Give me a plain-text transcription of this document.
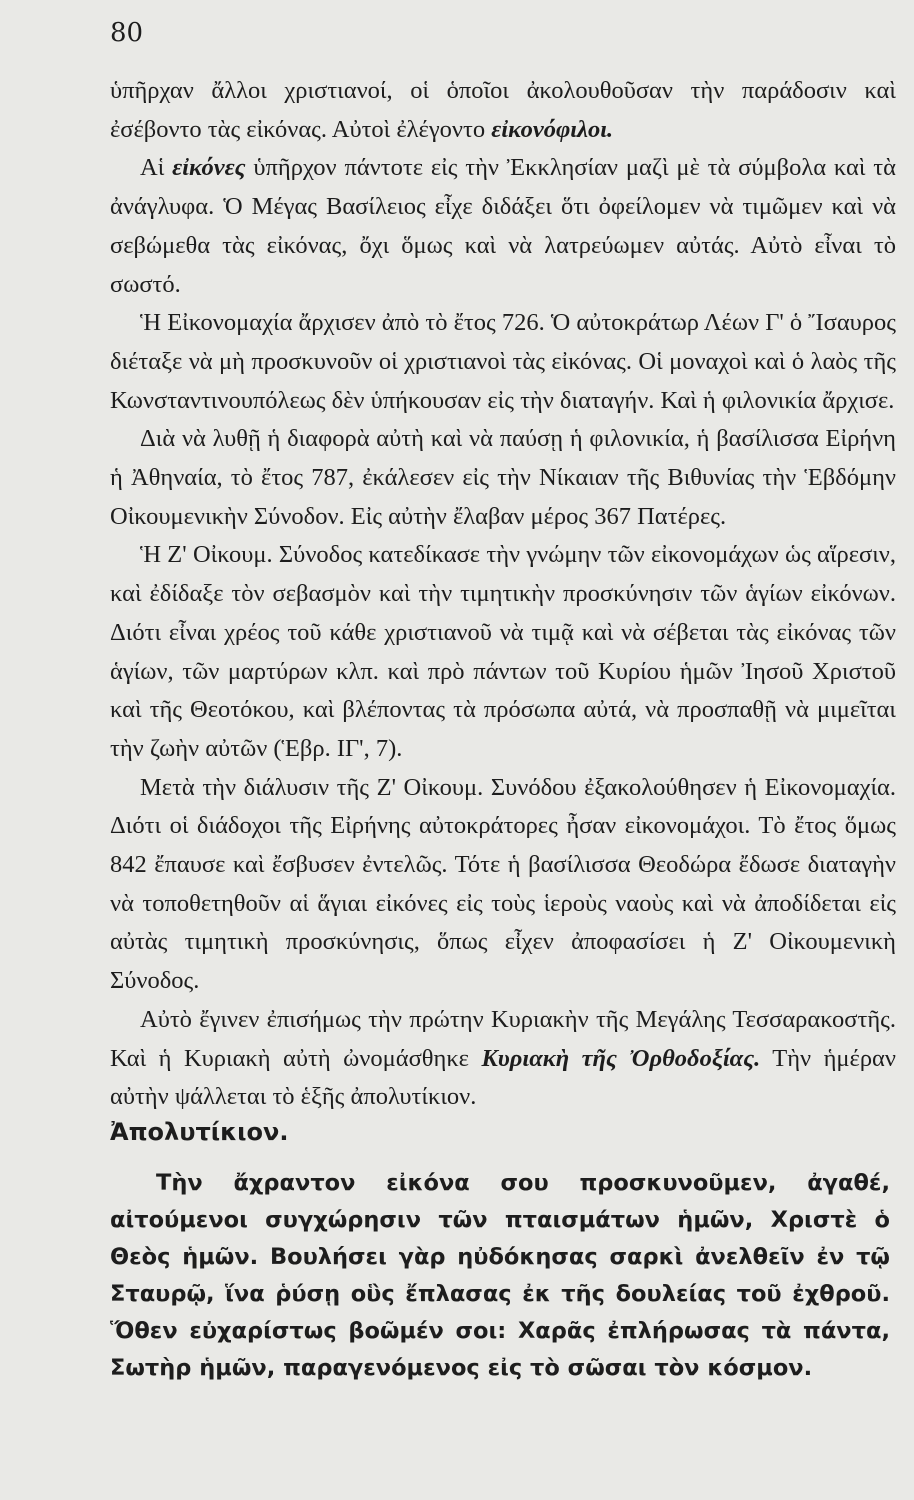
80

ὑπῆρχαν ἄλλοι χριστιανοί, οἱ ὁποῖοι ἀκολουθοῦσαν τὴν παράδοσιν καὶ ἐσέβοντο τὰς εἰκόνας. Αὐτοὶ ἐλέγοντο εἰκονόφιλοι.

Αἱ εἰκόνες ὑπῆρχον πάντοτε εἰς τὴν Ἐκκλησίαν μαζὶ μὲ τὰ σύμβολα καὶ τὰ ἀνάγλυφα. Ὁ Μέγας Βασίλειος εἶχε διδάξει ὅτι ὀφείλομεν νὰ τιμῶμεν καὶ νὰ σεβώμεθα τὰς εἰκόνας, ὄχι ὅμως καὶ νὰ λατρεύωμεν αὐτάς. Αὐτὸ εἶναι τὸ σωστό.

Ἡ Εἰκονομαχία ἄρχισεν ἀπὸ τὸ ἔτος 726. Ὁ αὐτοκράτωρ Λέων Γ' ὁ Ἴσαυρος διέταξε νὰ μὴ προσκυνοῦν οἱ χριστιανοὶ τὰς εἰκόνας. Οἱ μοναχοὶ καὶ ὁ λαὸς τῆς Κωνσταντινουπόλεως δὲν ὑπήκουσαν εἰς τὴν διαταγήν. Καὶ ἡ φιλονικία ἄρχισε.

Διὰ νὰ λυθῇ ἡ διαφορὰ αὐτὴ καὶ νὰ παύσῃ ἡ φιλονικία, ἡ βασίλισσα Εἰρήνη ἡ Ἀθηναία, τὸ ἔτος 787, ἐκάλεσεν εἰς τὴν Νίκαιαν τῆς Βιθυνίας τὴν Ἑβδόμην Οἰκουμενικὴν Σύνοδον. Εἰς αὐτὴν ἔλαβαν μέρος 367 Πατέρες.

Ἡ Ζ' Οἰκουμ. Σύνοδος κατεδίκασε τὴν γνώμην τῶν εἰκονομάχων ὡς αἵρεσιν, καὶ ἐδίδαξε τὸν σεβασμὸν καὶ τὴν τιμητικὴν προσκύνησιν τῶν ἁγίων εἰκόνων. Διότι εἶναι χρέος τοῦ κάθε χριστιανοῦ νὰ τιμᾷ καὶ νὰ σέβεται τὰς εἰκόνας τῶν ἁγίων, τῶν μαρτύρων κλπ. καὶ πρὸ πάντων τοῦ Κυρίου ἡμῶν Ἰησοῦ Χριστοῦ καὶ τῆς Θεοτόκου, καὶ βλέποντας τὰ πρόσωπα αὐτά, νὰ προσπαθῇ νὰ μιμεῖται τὴν ζωὴν αὐτῶν (Ἑβρ. ΙΓ', 7).

Μετὰ τὴν διάλυσιν τῆς Ζ' Οἰκουμ. Συνόδου ἐξακολούθησεν ἡ Εἰκονομαχία. Διότι οἱ διάδοχοι τῆς Εἰρήνης αὐτοκράτορες ἦσαν εἰκονομάχοι. Τὸ ἔτος ὅμως 842 ἔπαυσε καὶ ἔσβυσεν ἐντελῶς. Τότε ἡ βασίλισσα Θεοδώρα ἔδωσε διαταγὴν νὰ τοποθετηθοῦν αἱ ἅγιαι εἰκόνες εἰς τοὺς ἱεροὺς ναοὺς καὶ νὰ ἀποδίδεται εἰς αὐτὰς τιμητικὴ προσκύνησις, ὅπως εἶχεν ἀποφασίσει ἡ Ζ' Οἰκουμενικὴ Σύνοδος.

Αὐτὸ ἔγινεν ἐπισήμως τὴν πρώτην Κυριακὴν τῆς Μεγάλης Τεσσαρακοστῆς. Καὶ ἡ Κυριακὴ αὐτὴ ὠνομάσθηκε Κυριακὴ τῆς Ὀρθοδοξίας. Τὴν ἡμέραν αὐτὴν ψάλλεται τὸ ἑξῆς ἀπολυτίκιον.

Ἀπολυτίκιον.

Τὴν ἄχραντον εἰκόνα σου προσκυνοῦμεν, ἀγαθέ, αἰτούμενοι συγχώρησιν τῶν πταισμάτων ἡμῶν, Χριστὲ ὁ Θεὸς ἡμῶν. Βουλήσει γὰρ ηὐδόκησας σαρκὶ ἀνελθεῖν ἐν τῷ Σταυρῷ, ἵνα ῥύσῃ οὓς ἔπλασας ἐκ τῆς δουλείας τοῦ ἐχθροῦ. Ὅθεν εὐχαρίστως βοῶμέν σοι: Χαρᾶς ἐπλήρωσας τὰ πάντα, Σωτὴρ ἡμῶν, παραγενόμενος εἰς τὸ σῶσαι τὸν κόσμον.
